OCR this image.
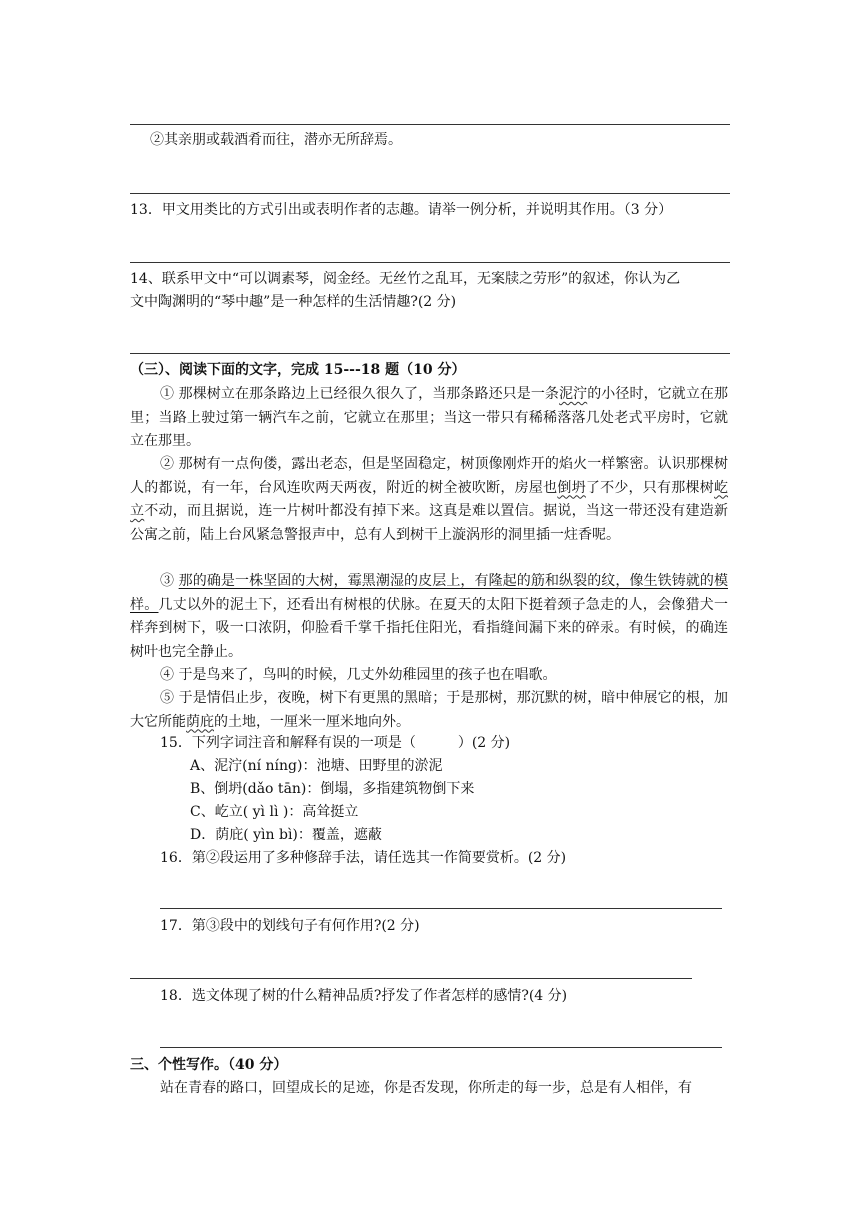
②其亲朋或载酒肴而往，潜亦无所辞焉。
13．甲文用类比的方式引出或表明作者的志趣。请举一例分析，并说明其作用。（3 分）
14、联系甲文中“可以调素琴，阅金经。无丝竹之乱耳，无案牍之劳形”的叙述，你认为乙
文中陶渊明的“琴中趣”是一种怎样的生活情趣?(2 分)
（三）、阅读下面的文字，完成 15---18 题（10 分）
① 那棵树立在那条路边上已经很久很久了，当那条路还只是一条泥泞的小径时，它就立在那里；当路上驶过第一辆汽车之前，它就立在那里；当这一带只有稀稀落落几处老式平房时，它就立在那里。
② 那树有一点佝偻，露出老态，但是坚固稳定，树顶像刚炸开的焰火一样繁密。认识那棵树人的都说，有一年，台风连吹两天两夜，附近的树全被吹断，房屋也倒坍了不少，只有那棵树屹立不动，而且据说，连一片树叶都没有掉下来。这真是难以置信。据说，当这一带还没有建造新公寓之前，陆上台风紧急警报声中，总有人到树干上漩涡形的洞里插一炷香呢。
③ 那的确是一株坚固的大树，霉黑潮湿的皮层上，有隆起的筋和纵裂的纹，像生铁铸就的模样。几丈以外的泥土下，还看出有树根的伏脉。在夏天的太阳下挺着颈子急走的人，会像猎犬一样奔到树下，吸一口浓阴，仰脸看千掌千指托住阳光，看指缝间漏下来的碎汞。有时候，的确连树叶也完全静止。
④ 于是鸟来了，鸟叫的时候，几丈外幼稚园里的孩子也在唱歌。
⑤ 于是情侣止步，夜晚，树下有更黑的黑暗；于是那树，那沉默的树，暗中伸展它的根，加大它所能荫庇的土地，一厘米一厘米地向外。
15．下列字词注音和解释有误的一项是（　　　）(2 分)
A、泥泞(ní níng)：池塘、田野里的淤泥
B、倒坍(dǎo tān)：倒塌，多指建筑物倒下来
C、屹立( yì lì )：高耸挺立
D．荫庇( yìn bì)：覆盖，遮蔽
16．第②段运用了多种修辞手法，请任选其一作简要赏析。(2 分)
17．第③段中的划线句子有何作用?(2 分)
18．选文体现了树的什么精神品质?抒发了作者怎样的感情?(4 分)
三、个性写作。（40 分）
站在青春的路口，回望成长的足迹，你是否发现，你所走的每一步，总是有人相伴，有
